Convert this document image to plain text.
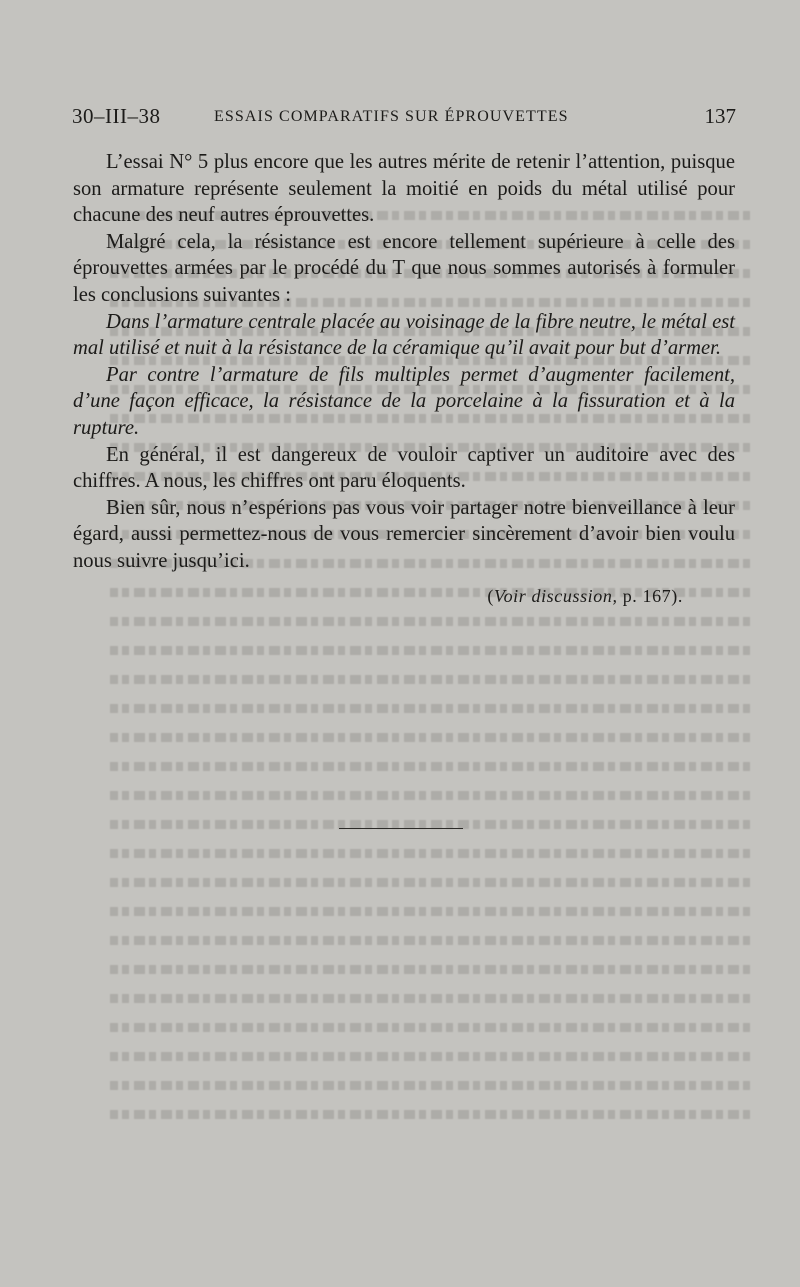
30–III–38	ESSAIS COMPARATIFS SUR ÉPROUVETTES	137

L’essai N° 5 plus encore que les autres mérite de retenir l’attention, puisque son armature représente seulement la moitié en poids du métal utilisé pour chacune des neuf autres éprouvettes.

Malgré cela, la résistance est encore tellement supérieure à celle des éprouvettes armées par le procédé du T que nous sommes autorisés à formuler les conclusions suivantes :

Dans l’armature centrale placée au voisinage de la fibre neutre, le métal est mal utilisé et nuit à la résistance de la céramique qu’il avait pour but d’armer.

Par contre l’armature de fils multiples permet d’augmenter facilement, d’une façon efficace, la résistance de la porcelaine à la fissuration et à la rupture.

En général, il est dangereux de vouloir captiver un auditoire avec des chiffres. A nous, les chiffres ont paru éloquents.

Bien sûr, nous n’espérions pas vous voir partager notre bienveillance à leur égard, aussi permettez-nous de vous remercier sincèrement d’avoir bien voulu nous suivre jusqu’ici.

(Voir discussion, p. 167).
